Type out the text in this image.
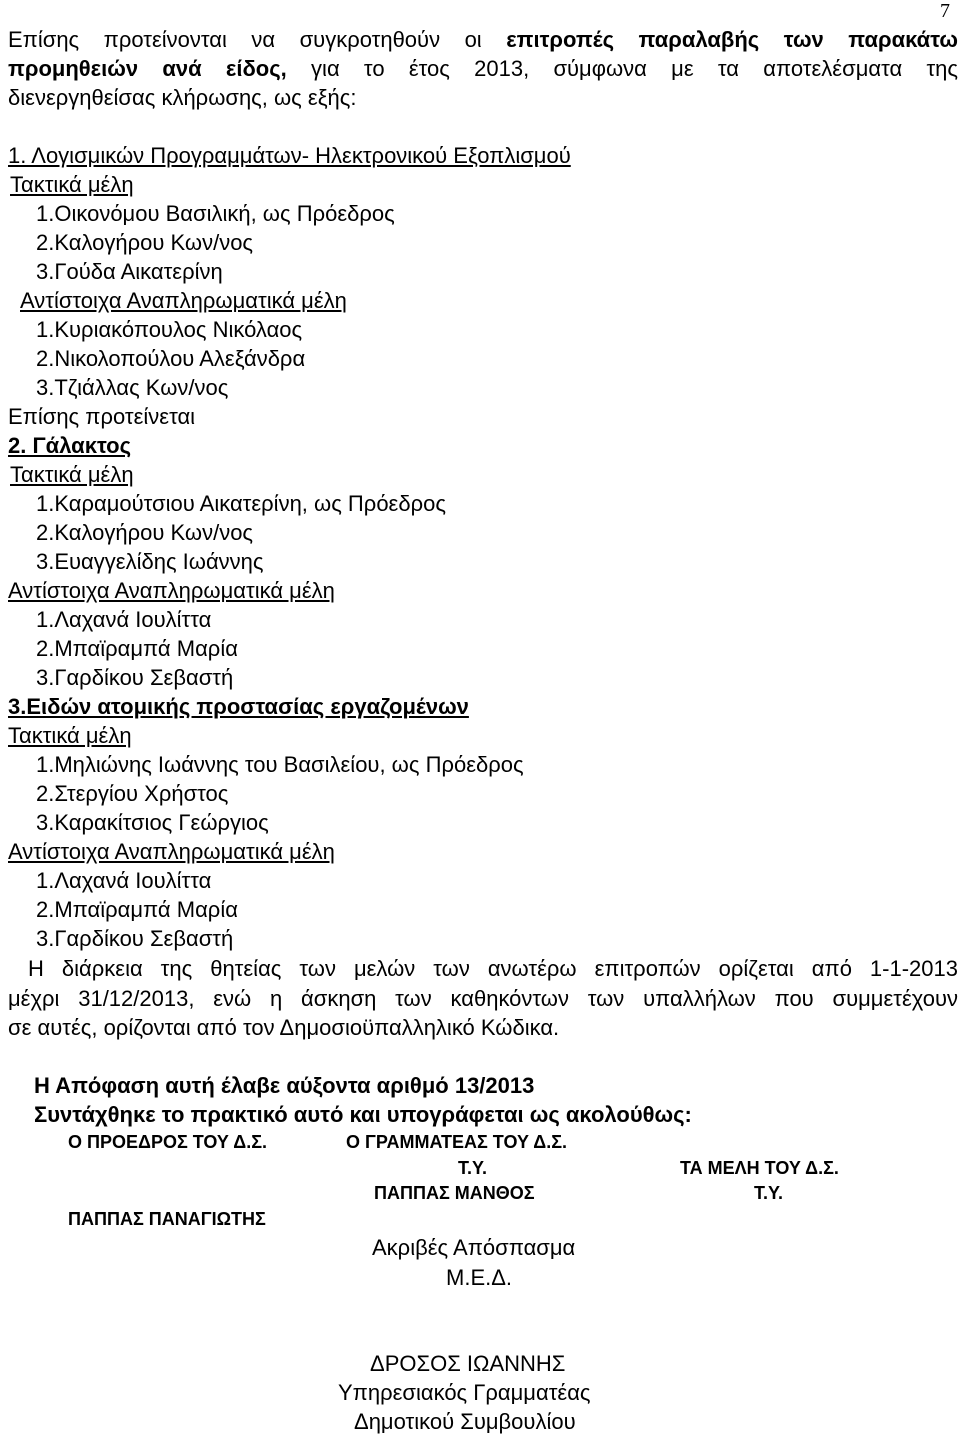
7
Επίσης προτείνονται να συγκροτηθούν οι επιτροπές παραλαβής των παρακάτω
προμηθειών ανά είδος, για το έτος 2013, σύμφωνα με τα αποτελέσματα της
διενεργηθείσας κλήρωσης, ως εξής:
1. Λογισμικών Προγραμμάτων- Ηλεκτρονικού Εξοπλισμού
Τακτικά μέλη
1.Οικονόμου Βασιλική, ως Πρόεδρος
2.Καλογήρου Κων/νος
3.Γούδα Αικατερίνη
Αντίστοιχα Αναπληρωματικά μέλη
1.Κυριακόπουλος Νικόλαος
2.Νικολοπούλου Αλεξάνδρα
3.Τζιάλλας Κων/νος
Επίσης προτείνεται
2. Γάλακτος
Τακτικά μέλη
1.Καραμούτσιου Αικατερίνη, ως Πρόεδρος
2.Καλογήρου Κων/νος
3.Ευαγγελίδης Ιωάννης
Αντίστοιχα Αναπληρωματικά μέλη
1.Λαχανά Ιουλίττα
2.Μπαϊραμπά Μαρία
3.Γαρδίκου Σεβαστή
3.Ειδών ατομικής προστασίας εργαζομένων
Τακτικά μέλη
1.Μηλιώνης Ιωάννης του Βασιλείου, ως Πρόεδρος
2.Στεργίου Χρήστος
3.Καρακίτσιος Γεώργιος
Αντίστοιχα Αναπληρωματικά μέλη
1.Λαχανά Ιουλίττα
2.Μπαϊραμπά Μαρία
3.Γαρδίκου Σεβαστή
Η διάρκεια της θητείας των μελών των ανωτέρω επιτροπών ορίζεται από 1-1-2013
μέχρι 31/12/2013, ενώ η άσκηση των καθηκόντων των υπαλλήλων που συμμετέχουν
σε αυτές, ορίζονται από τον Δημοσιοϋπαλληλικό Κώδικα.
Η Απόφαση αυτή έλαβε αύξοντα αριθμό 13/2013
Συντάχθηκε το πρακτικό αυτό και υπογράφεται ως ακολούθως:
Ο ΠΡΟΕΔΡΟΣ ΤΟΥ Δ.Σ.	Ο ΓΡΑΜΜΑΤΕΑΣ ΤΟΥ Δ.Σ.
Τ.Υ.	ΤΑ ΜΕΛΗ ΤΟΥ Δ.Σ.
ΠΑΠΠΑΣ ΜΑΝΘΟΣ	Τ.Υ.
ΠΑΠΠΑΣ ΠΑΝΑΓΙΩΤΗΣ
Ακριβές Απόσπασμα
Μ.Ε.Δ.
ΔΡΟΣΟΣ ΙΩΑΝΝΗΣ
Υπηρεσιακός Γραμματέας
Δημοτικού Συμβουλίου
